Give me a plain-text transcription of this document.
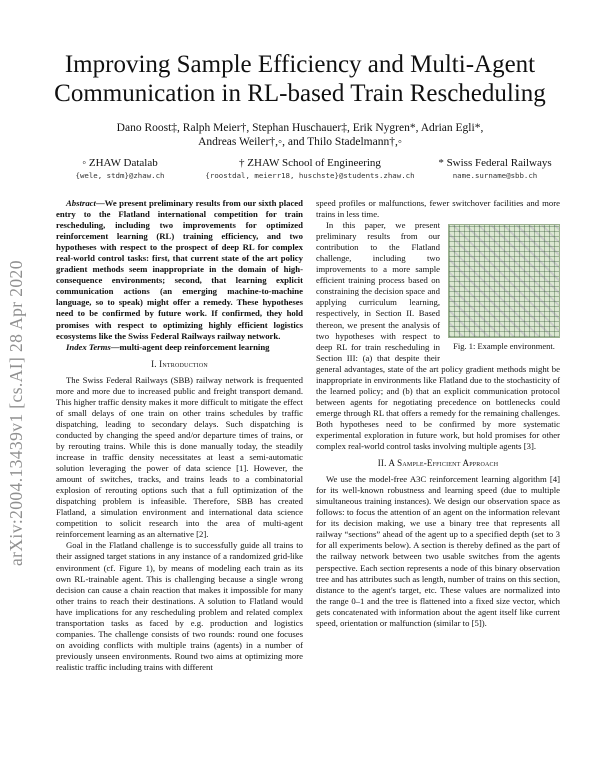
arXiv:2004.13439v1 [cs.AI] 28 Apr 2020
Improving Sample Efficiency and Multi-Agent
Communication in RL-based Train Rescheduling
Dano Roost‡, Ralph Meier†, Stephan Huschauer‡, Erik Nygren*, Adrian Egli*,
Andreas Weiler†,◦, and Thilo Stadelmann†,◦
◦ ZHAW Datalab
{wele, stdm}@zhaw.ch
† ZHAW School of Engineering
{roostdal, meierr18, huschste}@students.zhaw.ch
* Swiss Federal Railways
name.surname@sbb.ch

Abstract—We present preliminary results from our sixth placed entry to the Flatland international competition for train rescheduling, including two improvements for optimized reinforcement learning (RL) training efficiency, and two hypotheses with respect to the prospect of deep RL for complex real-world control tasks: first, that current state of the art policy gradient methods seem inappropriate in the domain of high-consequence environments; second, that learning explicit communication actions (an emerging machine-to-machine language, so to speak) might offer a remedy. These hypotheses need to be confirmed by future work. If confirmed, they hold promises with respect to optimizing highly efficient logistics ecosystems like the Swiss Federal Railways railway network.

Index Terms—multi-agent deep reinforcement learning

I. Introduction

The Swiss Federal Railways (SBB) railway network is frequented more and more due to increased public and freight transport demand. This higher traffic density makes it more difficult to mitigate the effect of small delays of one train on other trains schedules by traffic dispatching, leading to secondary delays. Such dispatching is conducted by changing the speed and/or departure times of trains, or by rerouting trains. While this is done manually today, the steadily increase in traffic density necessitates at least a semi-automatic solution leveraging the power of data science [1]. However, the amount of switches, tracks, and trains leads to a combinatorial explosion of rerouting options such that a full optimization of the dispatching problem is infeasible. Therefore, SBB has created Flatland, a simulation environment and international data science competition to solicit research into the area of multi-agent reinforcement learning as an alternative [2].

Goal in the Flatland challenge is to successfully guide all trains to their assigned target stations in any instance of a randomized grid-like environment (cf. Figure 1), by means of modeling each train as its own RL-trainable agent. This is challenging because a single wrong decision can cause a chain reaction that makes it impossible for many other trains to reach their destinations. A solution to Flatland would have implications for any rescheduling problem and related complex transportation tasks as faced by e.g. production and logistics companies. The challenge consists of two rounds: round one focuses on avoiding conflicts with multiple trains (agents) in a number of previously unseen environments. Round two aims at optimizing more realistic traffic including trains with different

speed profiles or malfunctions, fewer switchover facilities and more trains in less time.

Fig. 1: Example environment.

In this paper, we present preliminary results from our contribution to the Flatland challenge, including two improvements to a more sample efficient training process based on constraining the decision space and applying curriculum learning, respectively, in Section II. Based thereon, we present the analysis of two hypotheses with respect to deep RL for train rescheduling in Section III: (a) that despite their general advantages, state of the art policy gradient methods might be inappropriate in environments like Flatland due to the stochasticity of the learned policy; and (b) that an explicit communication protocol between agents for negotiating precedence on bottlenecks could emerge through RL that offers a remedy for the remaining challenges. Both hypotheses need to be confirmed by more systematic experimental exploration in future work, but hold promises for other complex real-world control tasks involving multiple agents [3].

II. A Sample-Efficient Approach

We use the model-free A3C reinforcement learning algorithm [4] for its well-known robustness and learning speed (due to multiple simultaneous training instances). We design our observation space as follows: to focus the attention of an agent on the information relevant for its decision making, we use a binary tree that represents all railway “sections” ahead of the agent up to a specified depth (set to 3 for all experiments below). A section is thereby defined as the part of the railway network between two usable switches from the agents perspective. Each section represents a node of this binary observation tree and has attributes such as length, number of trains on this section, distance to the agent's target, etc. These values are normalized into the range 0–1 and the tree is flattened into a fixed size vector, which gets concatenated with information about the agent itself like current speed, orientation or malfunction (similar to [5]).
